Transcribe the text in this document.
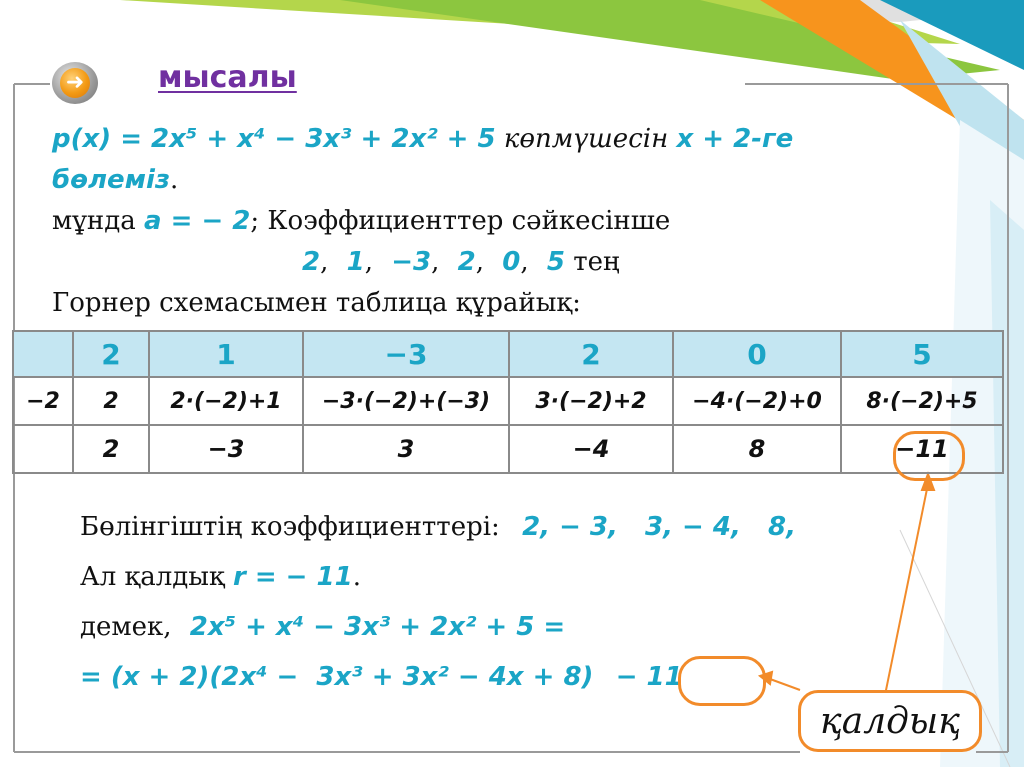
➜ мысалы
p(x) = 2x⁵ + x⁴ − 3x³ + 2x² + 5 көпмүшесін x + 2-ге
бөлеміз.
мұнда a = − 2; Коэффициенттер сәйкесінше
2, 1, −3, 2, 0, 5 тең
Горнер схемасымен таблица құрайық:
	2	1	−3	2	0	5
−2	2	2·(−2)+1	−3·(−2)+(−3)	3·(−2)+2	−4·(−2)+0	8·(−2)+5
	2	−3	3	−4	8	−11
Бөлінгіштің коэффициенттері: 2, − 3,   3, − 4,   8,
Ал қалдық r = − 11.
демек, 2x⁵ + x⁴ − 3x³ + 2x² + 5 =
= (x + 2)(2x⁴ −  3x³ + 3x² − 4x + 8) − 11
қалдық
